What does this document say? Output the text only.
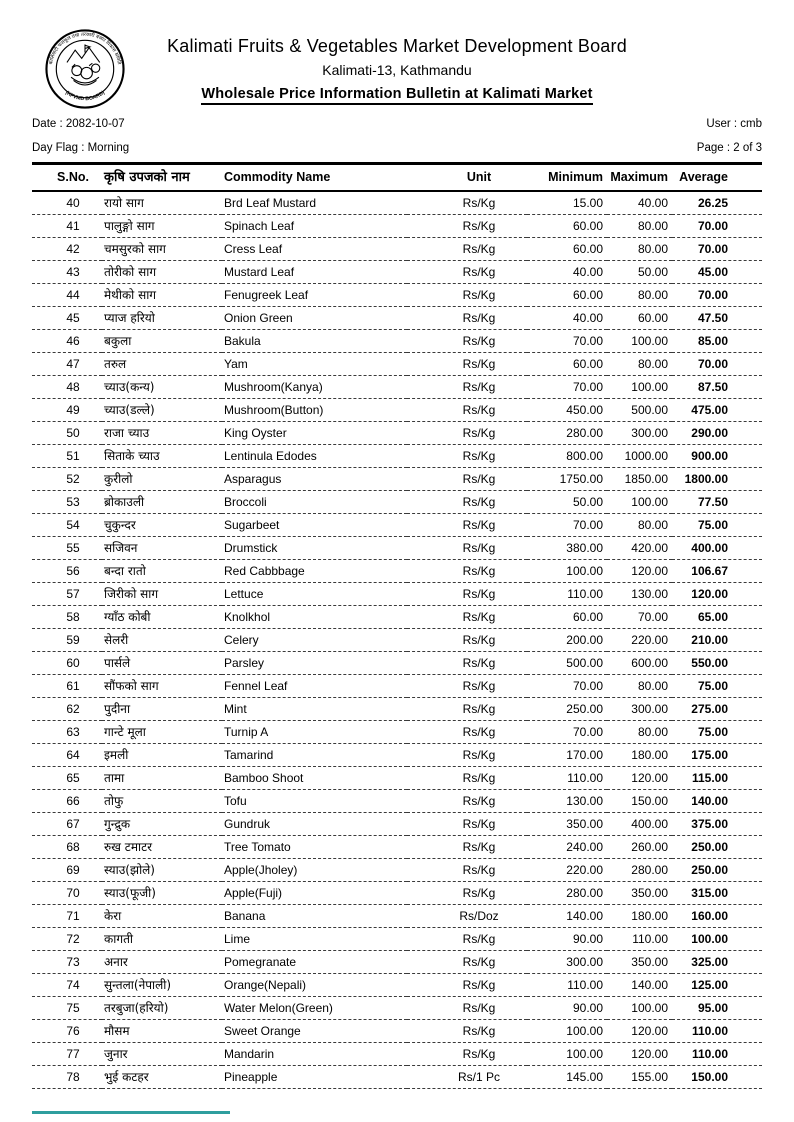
कालिमाटी फलफूल तथा तरकारी बजार विकास समिति
(KFVMD BOARD)
Kalimati Fruits & Vegetables Market Development Board
Kalimati-13, Kathmandu
Wholesale Price Information Bulletin at Kalimati Market
Date : 2082-10-07	User : cmb
Day Flag : Morning	Page : 2 of 3
S.No.	कृषि उपजको नाम	Commodity Name	Unit	Minimum	Maximum	Average
40	रायो साग	Brd Leaf Mustard	Rs/Kg	15.00	40.00	26.25
41	पालुङ्गो साग	Spinach Leaf	Rs/Kg	60.00	80.00	70.00
42	चमसुरको साग	Cress Leaf	Rs/Kg	60.00	80.00	70.00
43	तोरीको साग	Mustard Leaf	Rs/Kg	40.00	50.00	45.00
44	मेथीको साग	Fenugreek Leaf	Rs/Kg	60.00	80.00	70.00
45	प्याज हरियो	Onion Green	Rs/Kg	40.00	60.00	47.50
46	बकुला	Bakula	Rs/Kg	70.00	100.00	85.00
47	तरुल	Yam	Rs/Kg	60.00	80.00	70.00
48	च्याउ(कन्य)	Mushroom(Kanya)	Rs/Kg	70.00	100.00	87.50
49	च्याउ(डल्ले)	Mushroom(Button)	Rs/Kg	450.00	500.00	475.00
50	राजा च्याउ	King Oyster	Rs/Kg	280.00	300.00	290.00
51	सिताके च्याउ	Lentinula Edodes	Rs/Kg	800.00	1000.00	900.00
52	कुरीलो	Asparagus	Rs/Kg	1750.00	1850.00	1800.00
53	ब्रोकाउली	Broccoli	Rs/Kg	50.00	100.00	77.50
54	चुकुन्दर	Sugarbeet	Rs/Kg	70.00	80.00	75.00
55	सजिवन	Drumstick	Rs/Kg	380.00	420.00	400.00
56	बन्दा रातो	Red Cabbbage	Rs/Kg	100.00	120.00	106.67
57	जिरीको साग	Lettuce	Rs/Kg	110.00	130.00	120.00
58	ग्याँठ कोबी	Knolkhol	Rs/Kg	60.00	70.00	65.00
59	सेलरी	Celery	Rs/Kg	200.00	220.00	210.00
60	पार्सले	Parsley	Rs/Kg	500.00	600.00	550.00
61	सौंफको साग	Fennel Leaf	Rs/Kg	70.00	80.00	75.00
62	पुदीना	Mint	Rs/Kg	250.00	300.00	275.00
63	गान्टे मूला	Turnip A	Rs/Kg	70.00	80.00	75.00
64	इमली	Tamarind	Rs/Kg	170.00	180.00	175.00
65	तामा	Bamboo Shoot	Rs/Kg	110.00	120.00	115.00
66	तोफु	Tofu	Rs/Kg	130.00	150.00	140.00
67	गुन्द्रुक	Gundruk	Rs/Kg	350.00	400.00	375.00
68	रुख टमाटर	Tree Tomato	Rs/Kg	240.00	260.00	250.00
69	स्याउ(झोले)	Apple(Jholey)	Rs/Kg	220.00	280.00	250.00
70	स्याउ(फूजी)	Apple(Fuji)	Rs/Kg	280.00	350.00	315.00
71	केरा	Banana	Rs/Doz	140.00	180.00	160.00
72	कागती	Lime	Rs/Kg	90.00	110.00	100.00
73	अनार	Pomegranate	Rs/Kg	300.00	350.00	325.00
74	सुन्तला(नेपाली)	Orange(Nepali)	Rs/Kg	110.00	140.00	125.00
75	तरबुजा(हरियो)	Water Melon(Green)	Rs/Kg	90.00	100.00	95.00
76	मौसम	Sweet Orange	Rs/Kg	100.00	120.00	110.00
77	जुनार	Mandarin	Rs/Kg	100.00	120.00	110.00
78	भुई कटहर	Pineapple	Rs/1 Pc	145.00	155.00	150.00
